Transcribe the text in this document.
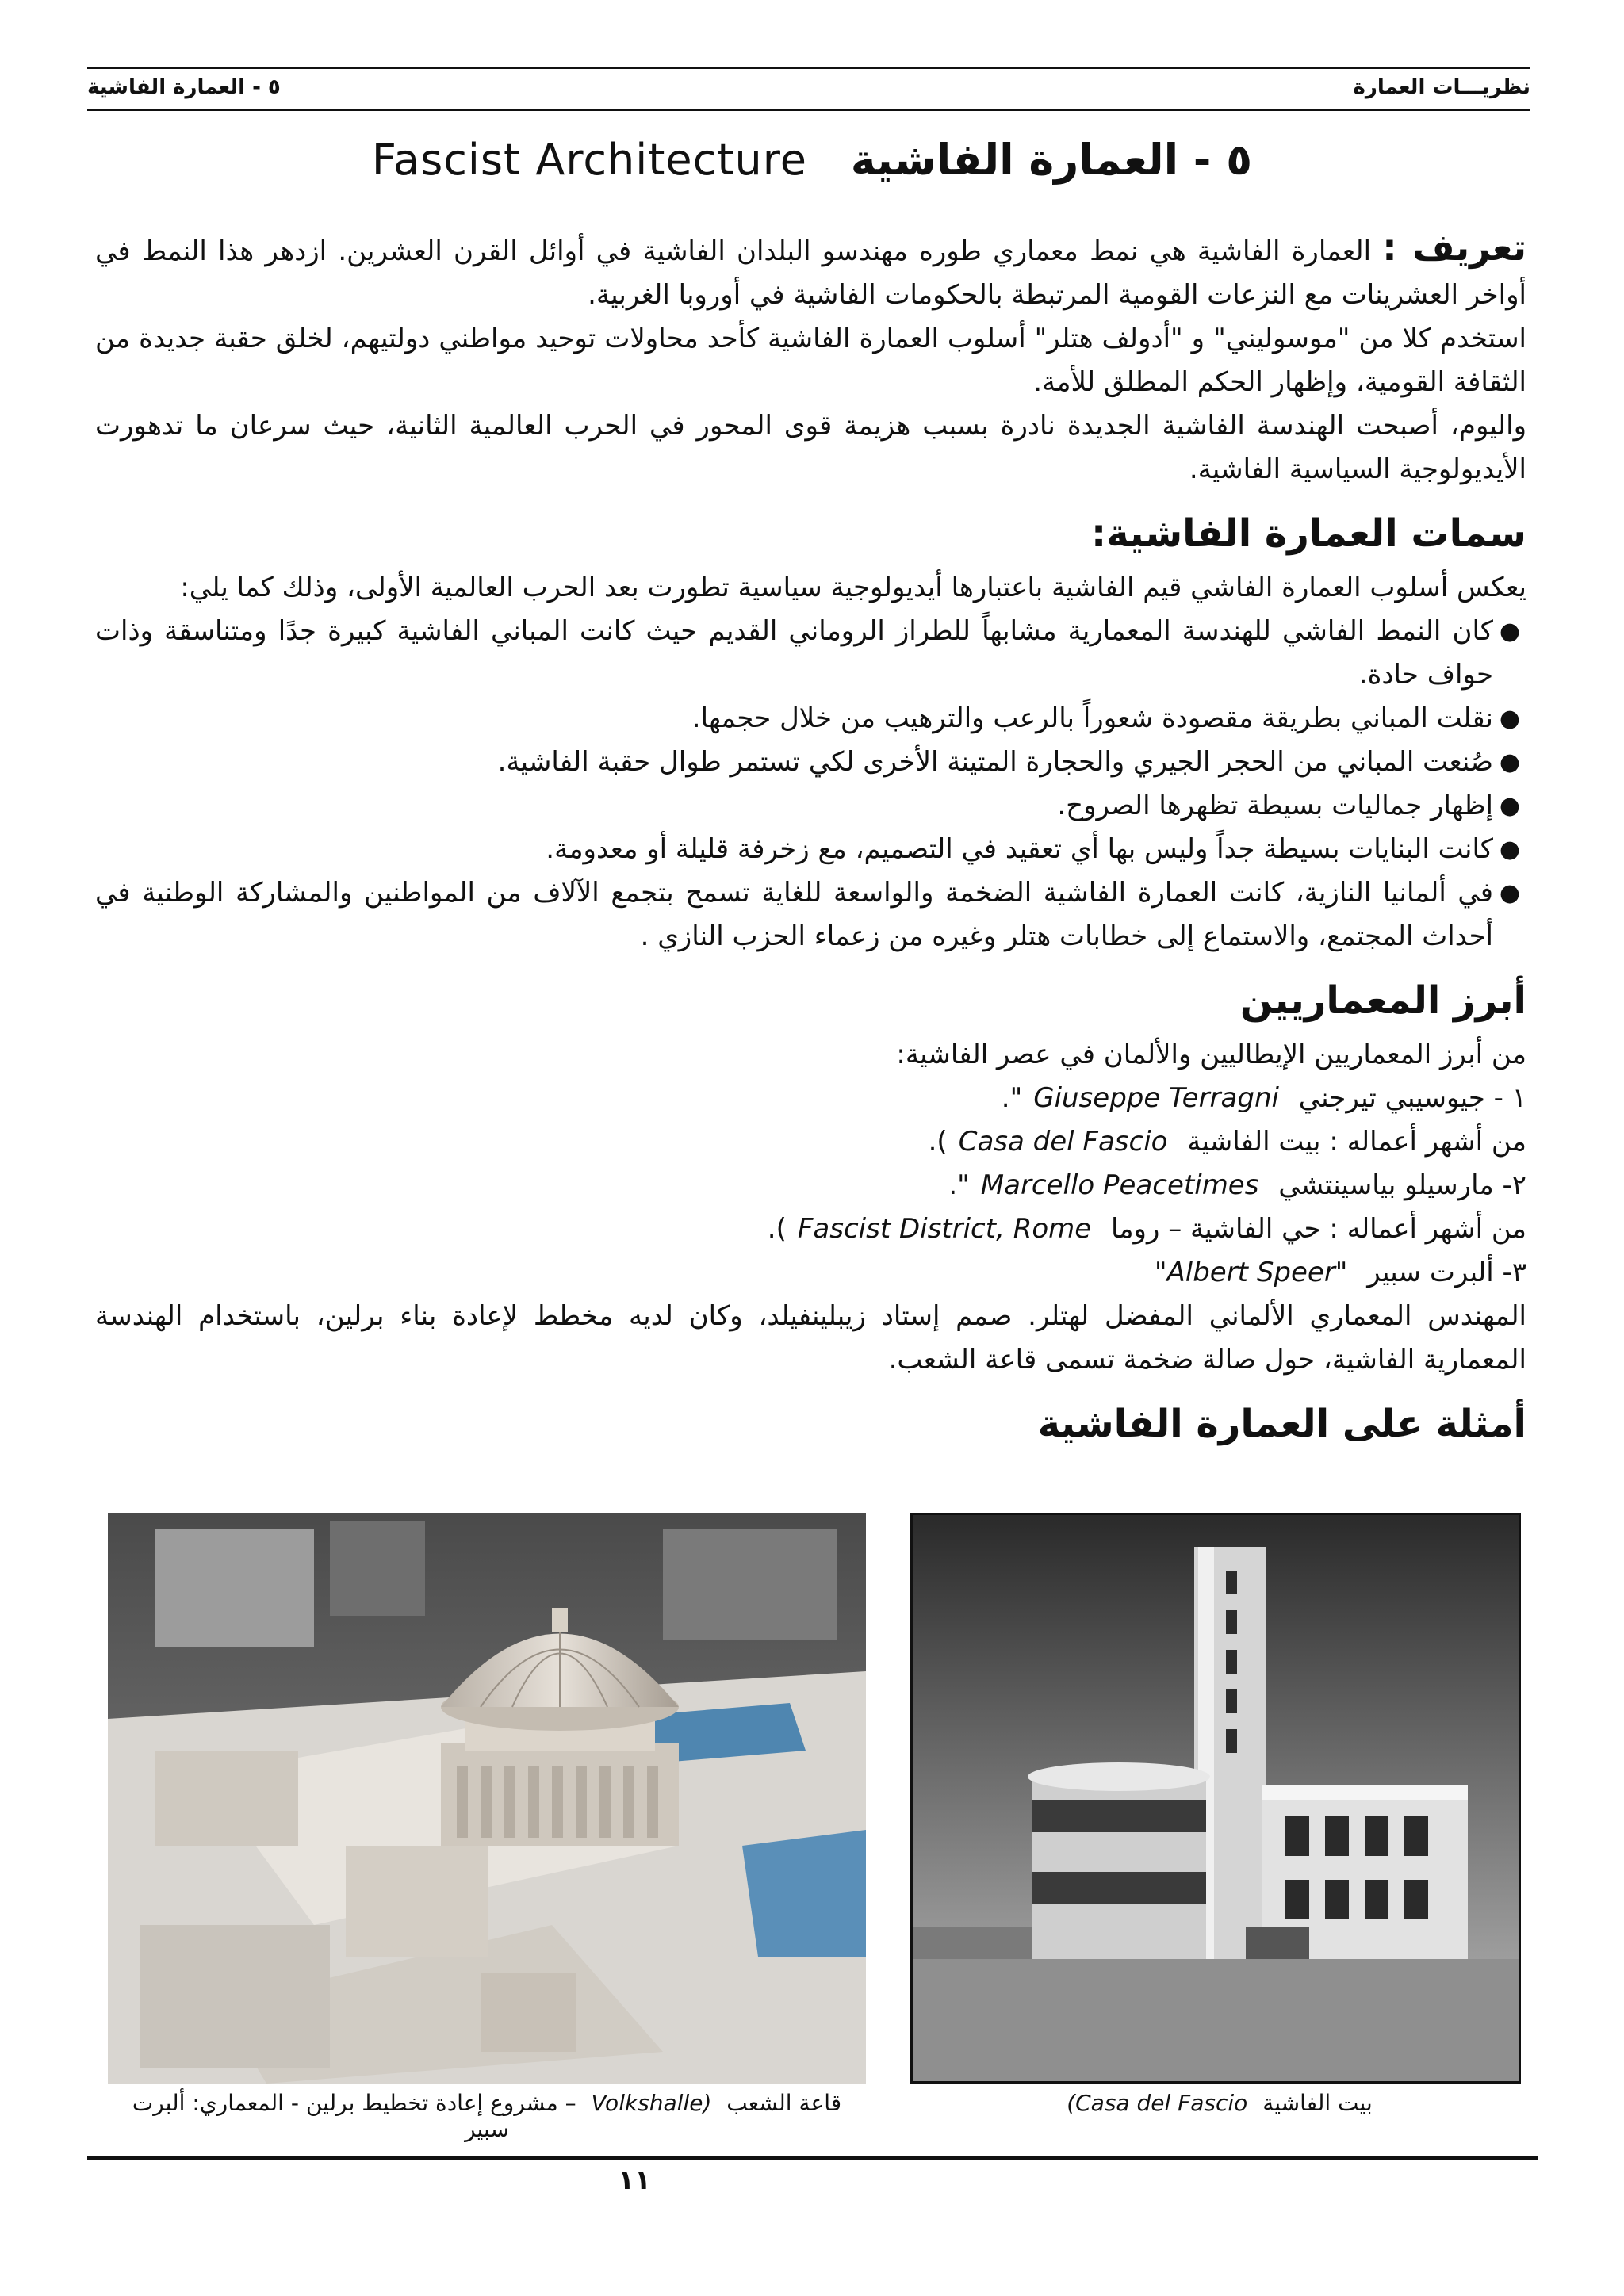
نظريـــات العمارة
٥ - العمارة الفاشية
Fascist Architecture ٥ - العمارة الفاشية

تعريف : العمارة الفاشية هي نمط معماري طوره مهندسو البلدان الفاشية في أوائل القرن العشرين. ازدهر هذا النمط في أواخر العشرينات مع النزعات القومية المرتبطة بالحكومات الفاشية في أوروبا الغربية.

استخدم كلا من "موسوليني" و "أدولف هتلر" أسلوب العمارة الفاشية كأحد محاولات توحيد مواطني دولتيهم، لخلق حقبة جديدة من الثقافة القومية، وإظهار الحكم المطلق للأمة.

واليوم، أصبحت الهندسة الفاشية الجديدة نادرة بسبب هزيمة قوى المحور في الحرب العالمية الثانية، حيث سرعان ما تدهورت الأيديولوجية السياسية الفاشية.

سمات العمارة الفاشية:

يعكس أسلوب العمارة الفاشي قيم الفاشية باعتبارها أيديولوجية سياسية تطورت بعد الحرب العالمية الأولى، وذلك كما يلي:

●
كان النمط الفاشي للهندسة المعمارية مشابهاً للطراز الروماني القديم حيث كانت المباني الفاشية كبيرة جدًا ومتناسقة وذات حواف حادة.
●
نقلت المباني بطريقة مقصودة شعوراً بالرعب والترهيب من خلال حجمها.
●
صُنعت المباني من الحجر الجيري والحجارة المتينة الأخرى لكي تستمر طوال حقبة الفاشية.
●
إظهار جماليات بسيطة تظهرها الصروح.
●
كانت البنايات بسيطة جداً وليس بها أي تعقيد في التصميم، مع زخرفة قليلة أو معدومة.
●
في ألمانيا النازية، كانت العمارة الفاشية الضخمة والواسعة للغاية تسمح بتجمع الآلاف من المواطنين والمشاركة الوطنية في أحداث المجتمع، والاستماع إلى خطابات هتلر وغيره من زعماء الحزب النازي .
أبرز المعماريين

من أبرز المعماريين الإيطاليين والألمان في عصر الفاشية:

١ - جيوسيبي تيرجني Giuseppe Terragni".

من أشهر أعماله : بيت الفاشية Casa del Fascio).

٢- مارسيلو بياسينتشي Marcello Peacetimes".

من أشهر أعماله : حي الفاشية – روما Fascist District, Rome).

٣- ألبرت سبير "Albert Speer"

المهندس المعماري الألماني المفضل لهتلر. صمم إستاد زيبلينفيلد، وكان لديه مخطط لإعادة بناء برلين، باستخدام الهندسة المعمارية الفاشية، حول صالة ضخمة تسمى قاعة الشعب.

أمثلة على العمارة الفاشية
قاعة الشعب Volkshalle) – مشروع إعادة تخطيط برلين - المعماري: ألبرت سبير
بيت الفاشية (Casa del Fascio
١١
